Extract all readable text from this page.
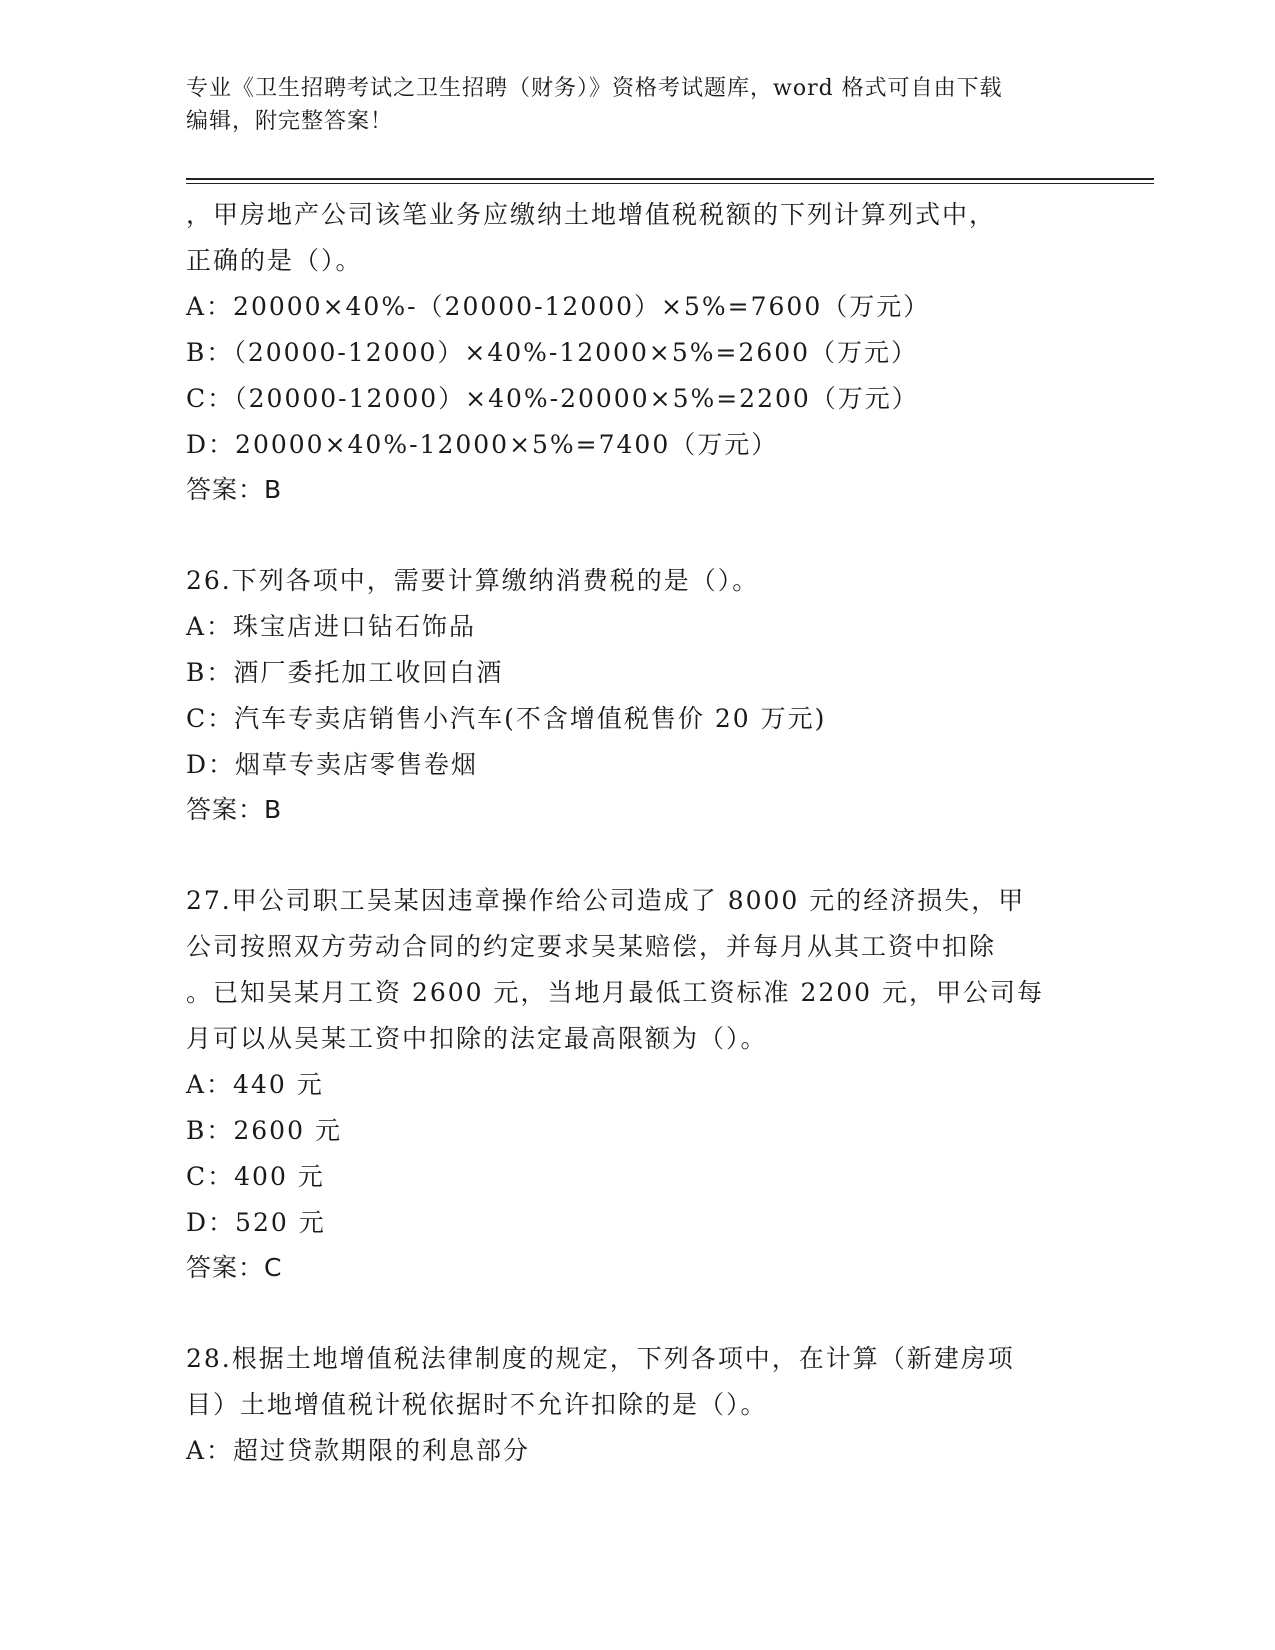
专业《卫生招聘考试之卫生招聘（财务）》资格考试题库，word 格式可自由下载
编辑，附完整答案！
，甲房地产公司该笔业务应缴纳土地增值税税额的下列计算列式中，
正确的是（）。
A：20000×40%-（20000-12000）×5%=7600（万元）
B：（20000-12000）×40%-12000×5%=2600（万元）
C：（20000-12000）×40%-20000×5%=2200（万元）
D：20000×40%-12000×5%=7400（万元）
答案：B
26.下列各项中，需要计算缴纳消费税的是（）。
A：珠宝店进口钻石饰品
B：酒厂委托加工收回白酒
C：汽车专卖店销售小汽车(不含增值税售价 20 万元)
D：烟草专卖店零售卷烟
答案：B
27.甲公司职工吴某因违章操作给公司造成了 8000 元的经济损失，甲
公司按照双方劳动合同的约定要求吴某赔偿，并每月从其工资中扣除
。已知吴某月工资 2600 元，当地月最低工资标准 2200 元，甲公司每
月可以从吴某工资中扣除的法定最高限额为（）。
A：440 元
B：2600 元
C：400 元
D：520 元
答案：C
28.根据土地增值税法律制度的规定，下列各项中，在计算（新建房项
目）土地增值税计税依据时不允许扣除的是（）。
A：超过贷款期限的利息部分
